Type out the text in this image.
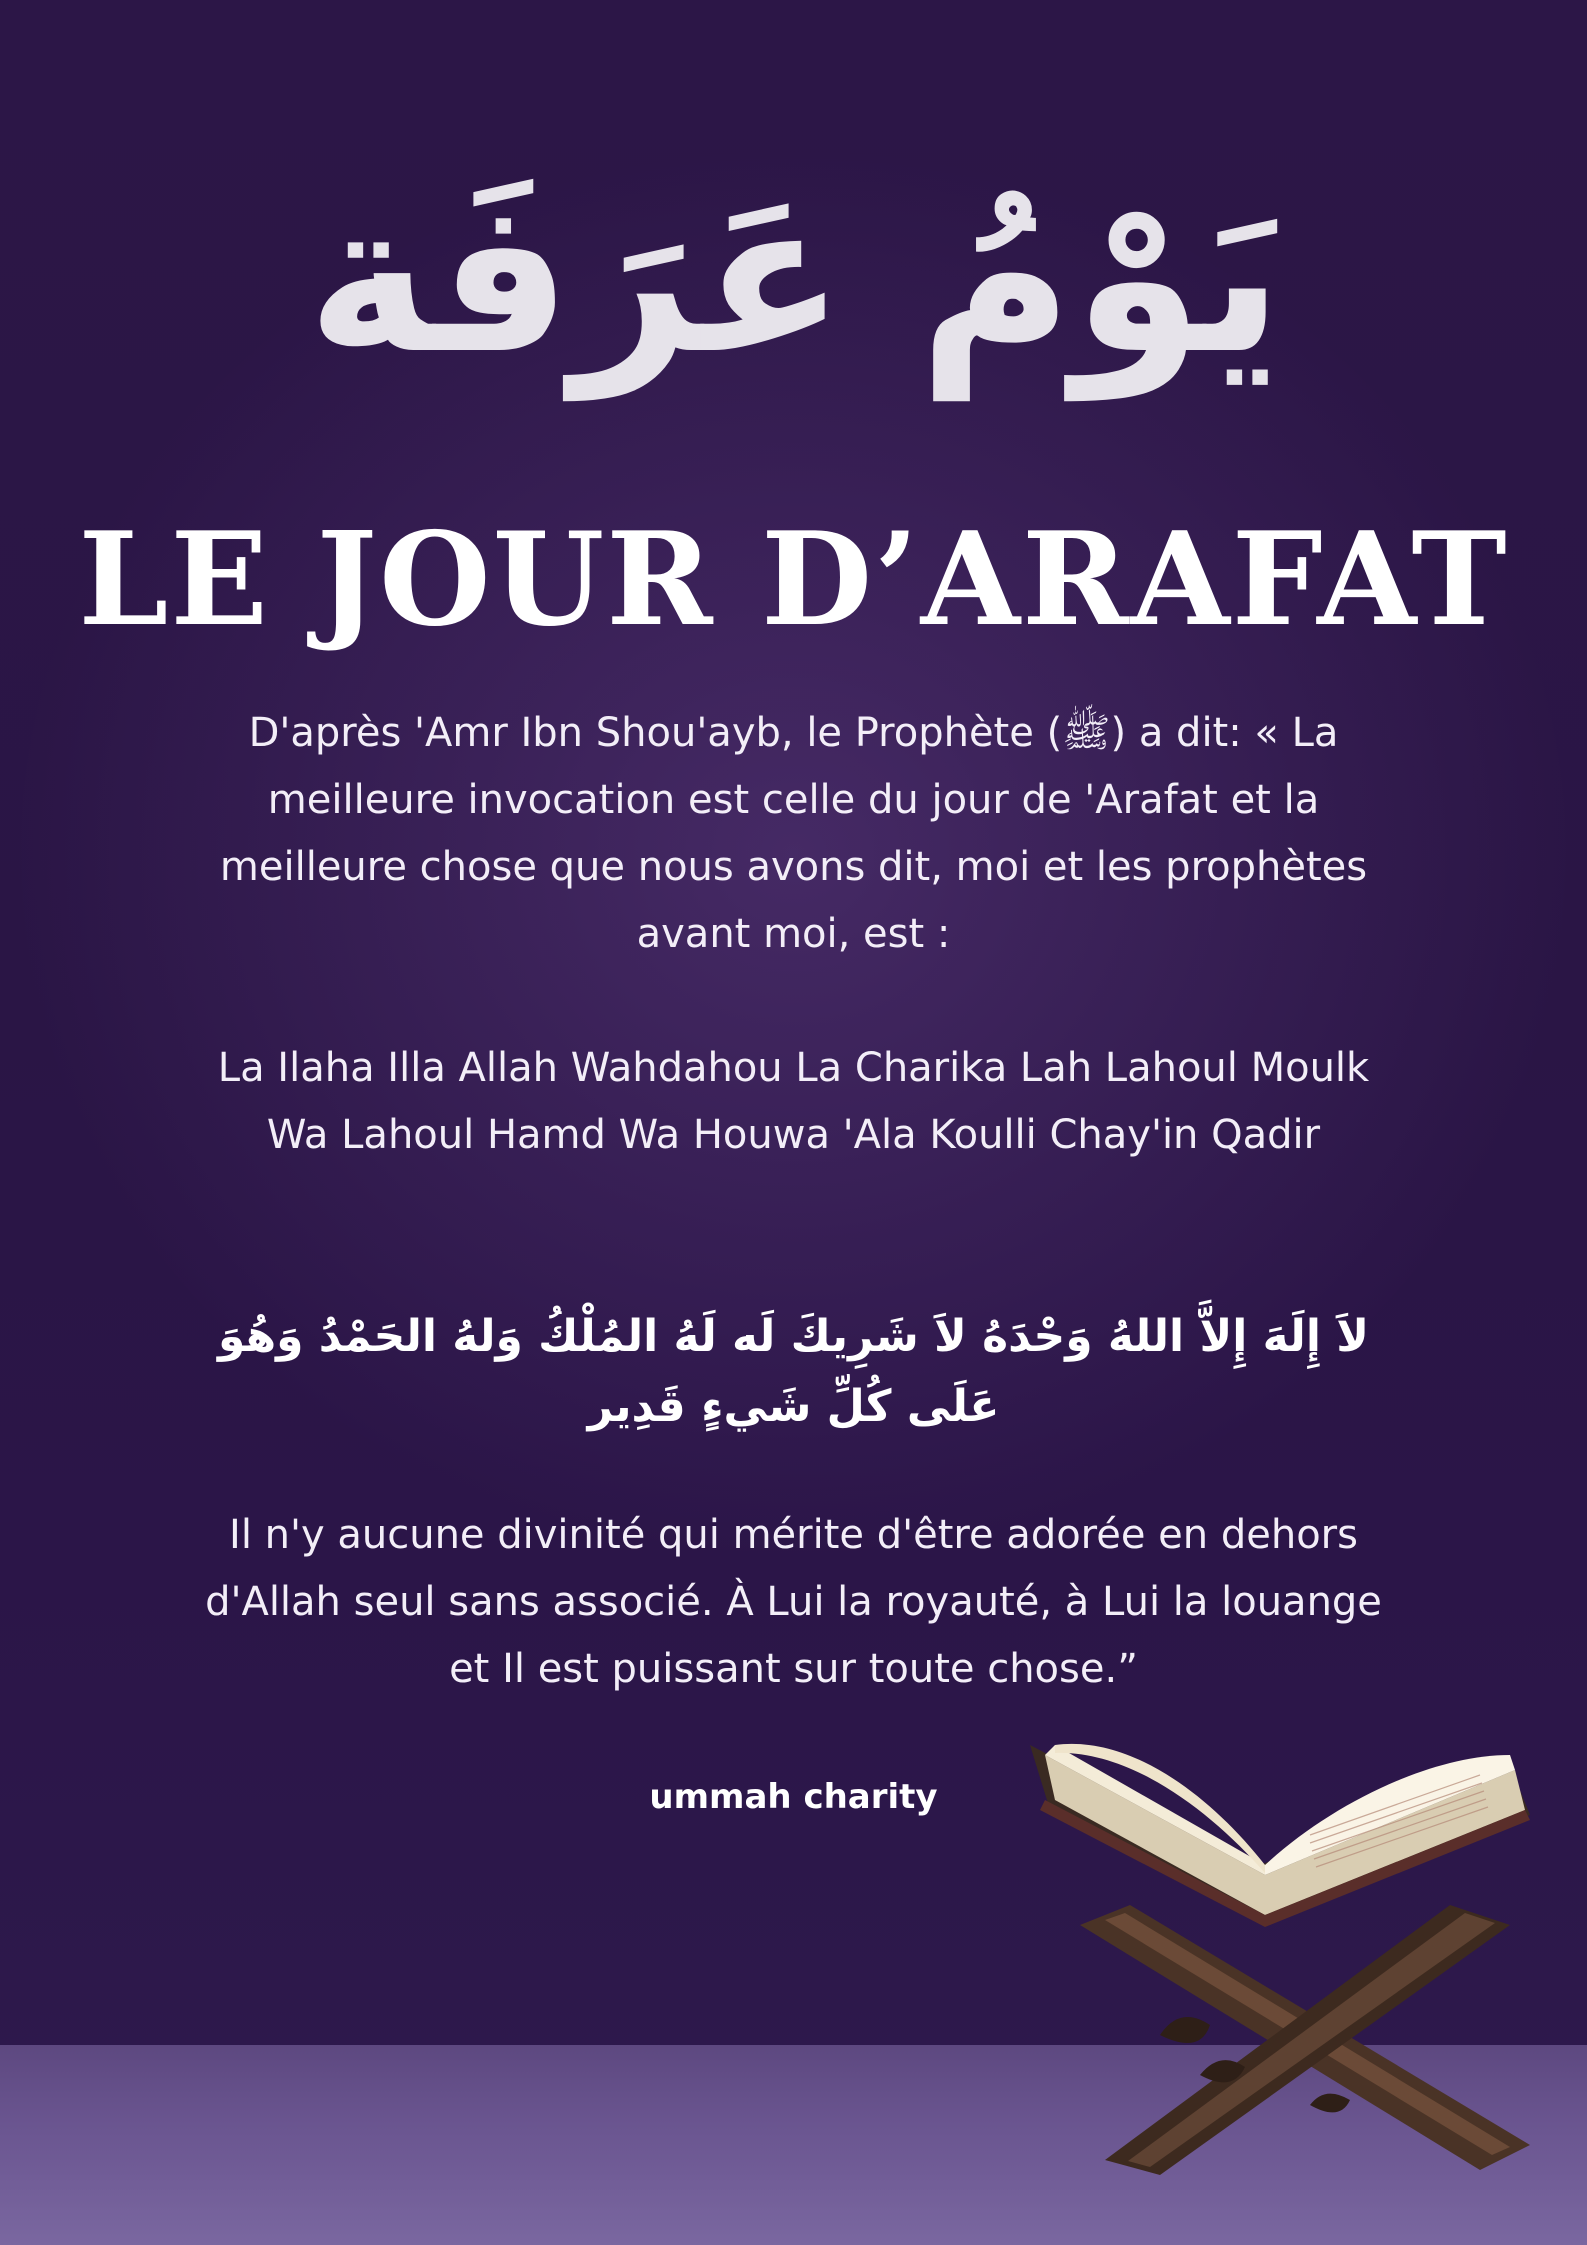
يَوْمُ عَرَفَة
LE JOUR D’ARAFAT

D'après 'Amr Ibn Shou'ayb, le Prophète (ﷺ) a dit: « La meilleure invocation est celle du jour de 'Arafat et la meilleure chose que nous avons dit, moi et les prophètes avant moi, est :

La Ilaha Illa Allah Wahdahou La Charika Lah Lahoul Moulk Wa Lahoul Hamd Wa Houwa 'Ala Koulli Chay'in Qadir

لاَ إِلَهَ إِلاَّ اللهُ وَحْدَهُ لاَ شَرِيكَ لَه لَهُ المُلْكُ وَلهُ الحَمْدُ وَهُوَ عَلَى كُلِّ شَيءٍ قَدِير

Il n'y aucune divinité qui mérite d'être adorée en dehors d'Allah seul sans associé. À Lui la royauté, à Lui la louange et Il est puissant sur toute chose.”

ummah charity
